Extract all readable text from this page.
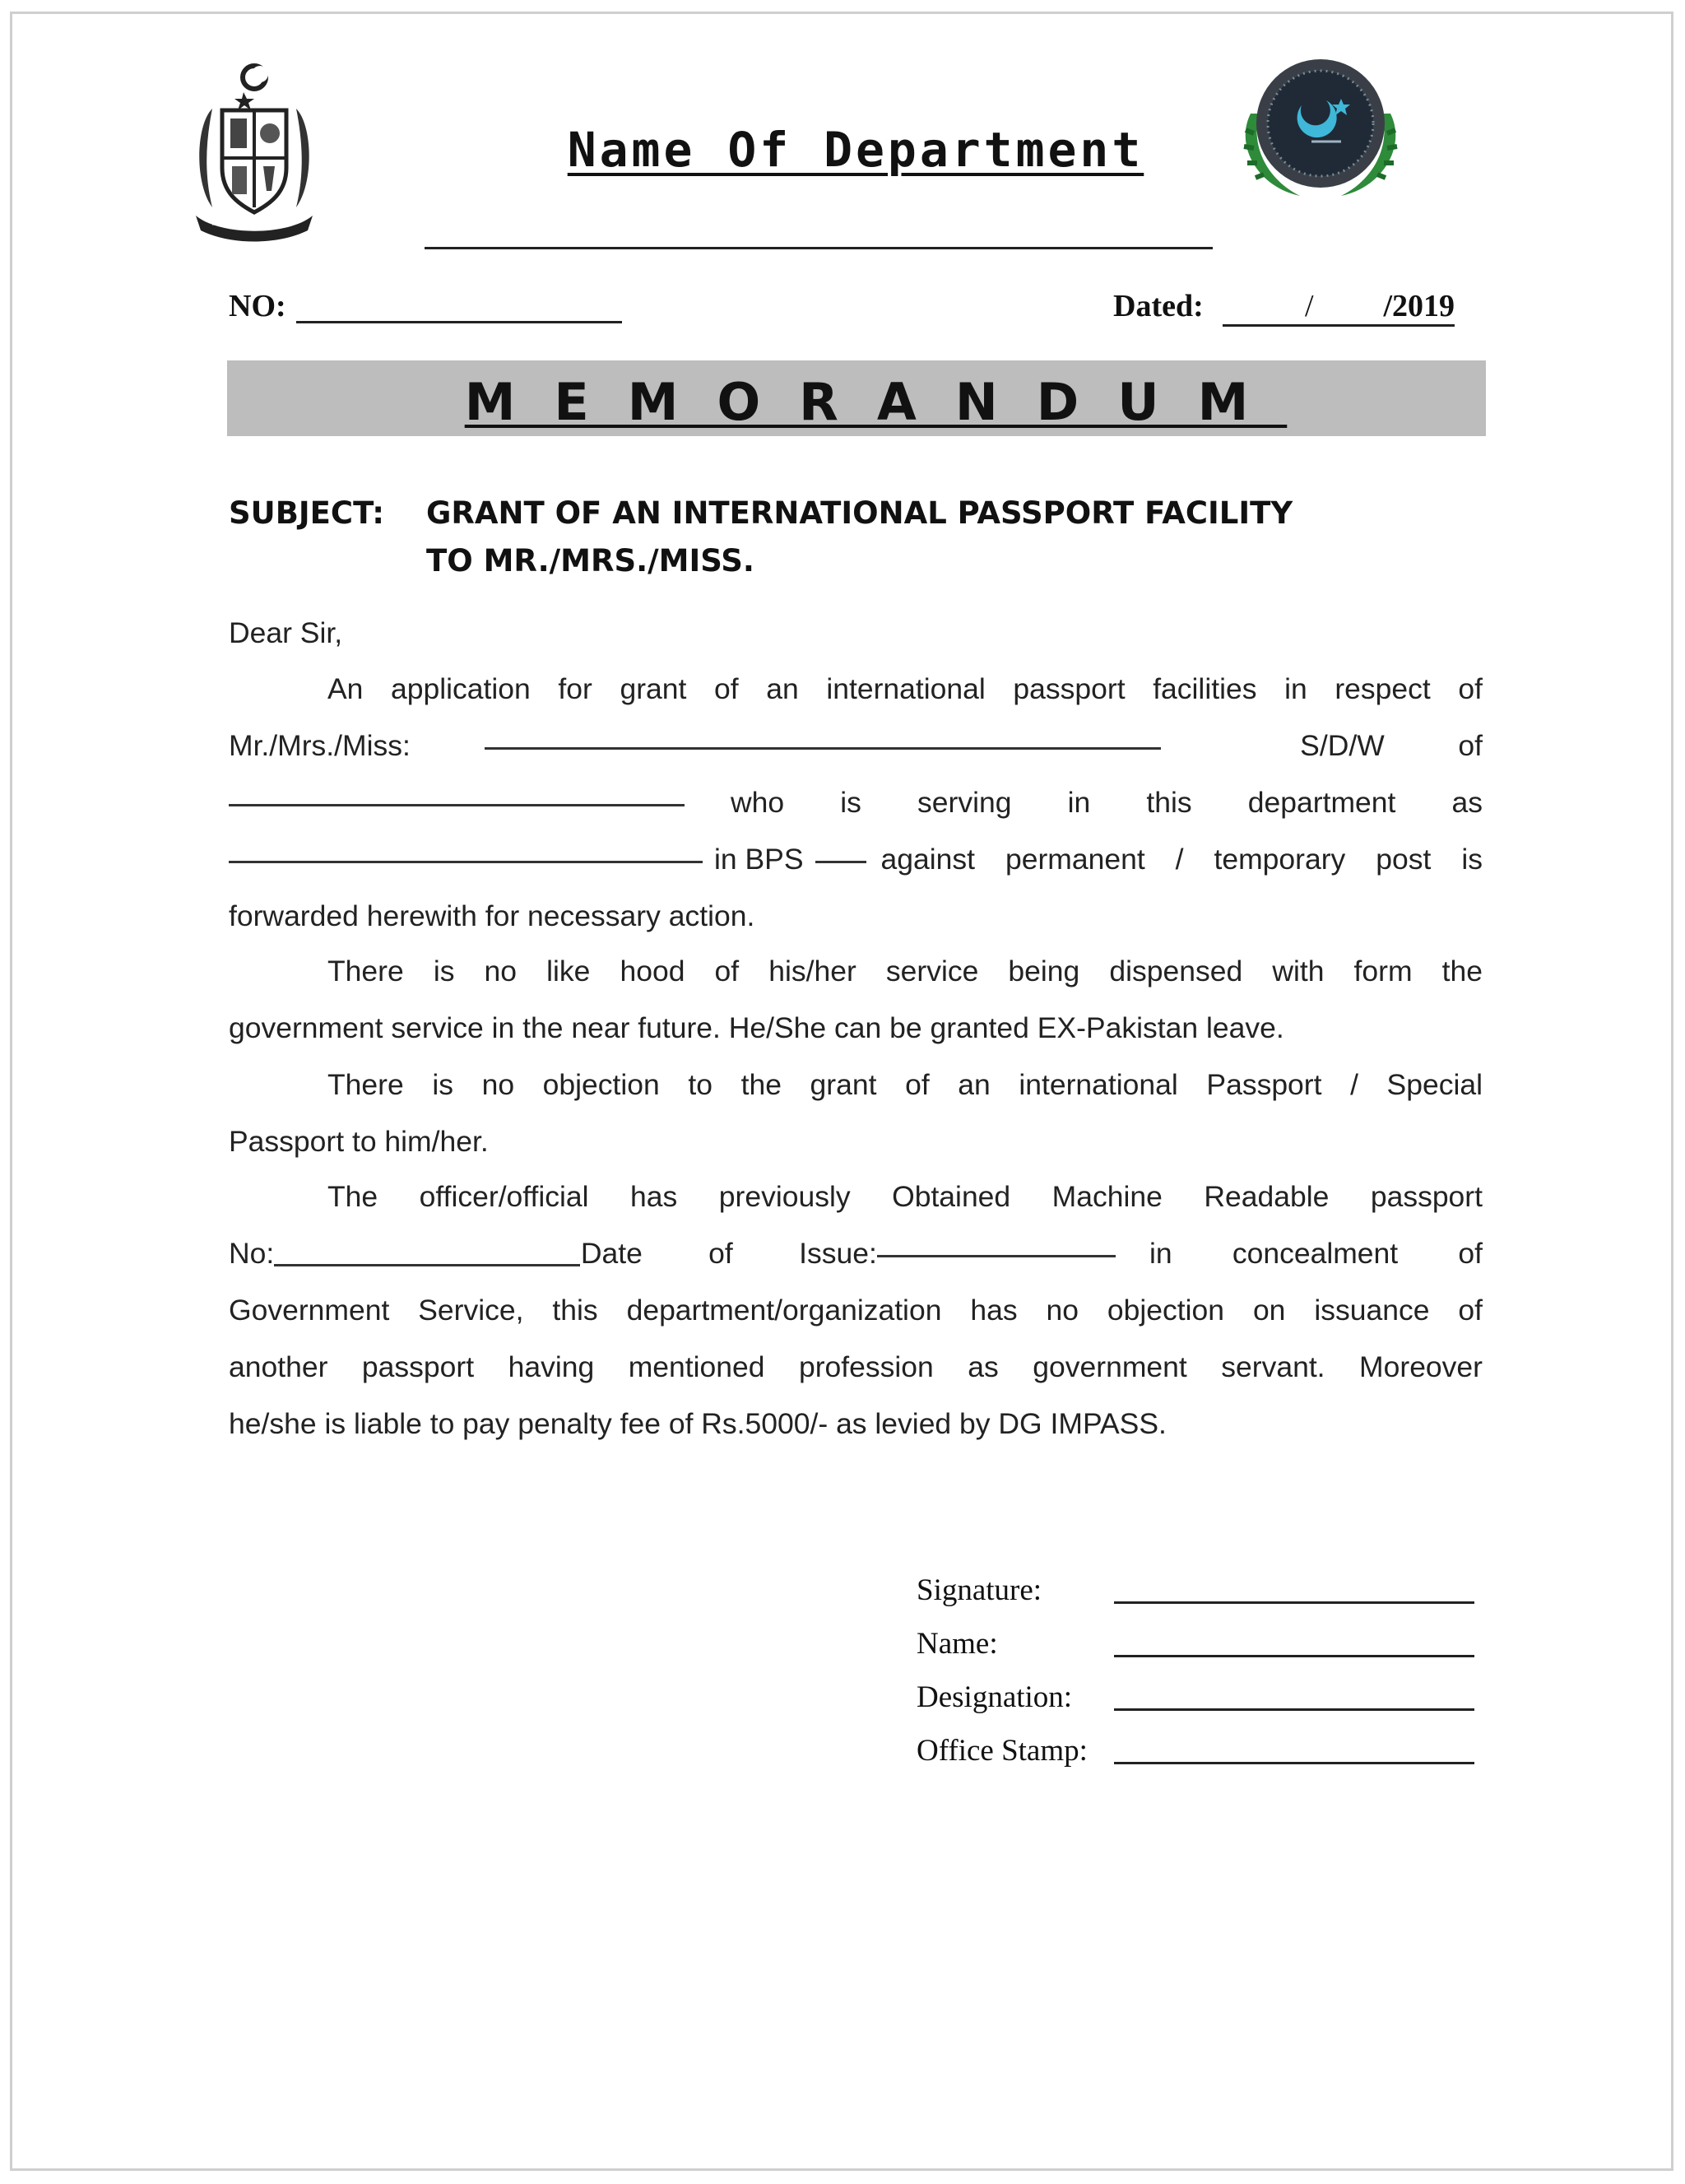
Name Of Department
NO:	Dated:	/ /2019
MEMORANDUM
SUBJECT: GRANT OF AN INTERNATIONAL PASSPORT FACILITY
TO MR./MRS./MISS.
Dear Sir,
An application for grant of an international passport facilities in respect of
Mr./Mrs./Miss:	S/D/W	of
who is serving in this department as
in BPS	against permanent / temporary post is
forwarded herewith for necessary action.
There is no like hood of his/her service being dispensed with form the
government service in the near future. He/She can be granted EX-Pakistan leave.
There is no objection to the grant of an international Passport / Special
Passport to him/her.
The officer/official has previously Obtained Machine Readable passport
No:	Date of Issue:	in concealment of
Government Service, this department/organization has no objection on issuance of
another passport having mentioned profession as government servant. Moreover
he/she is liable to pay penalty fee of Rs.5000/- as levied by DG IMPASS.
Signature:
Name:
Designation:
Office Stamp:
